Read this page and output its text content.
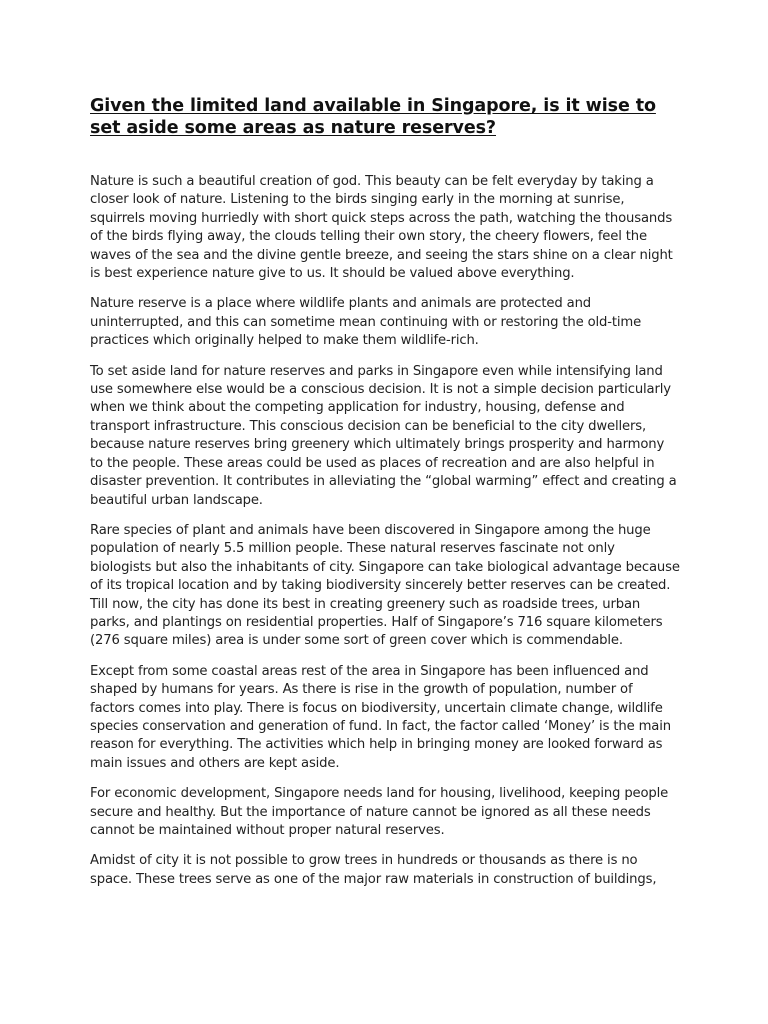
Given the limited land available in Singapore, is it wise to set aside some areas as nature reserves?

Nature is such a beautiful creation of god. This beauty can be felt everyday by taking a closer look of nature. Listening to the birds singing early in the morning at sunrise, squirrels moving hurriedly with short quick steps across the path, watching the thousands of the birds flying away, the clouds telling their own story, the cheery flowers, feel the waves of the sea and the divine gentle breeze, and seeing the stars shine on a clear night is best experience nature give to us. It should be valued above everything.

Nature reserve is a place where wildlife plants and animals are protected and uninterrupted, and this can sometime mean continuing with or restoring the old-time practices which originally helped to make them wildlife-rich.

To set aside land for nature reserves and parks in Singapore even while intensifying land use somewhere else would be a conscious decision. It is not a simple decision particularly when we think about the competing application for industry, housing, defense and transport infrastructure. This conscious decision can be beneficial to the city dwellers, because nature reserves bring greenery which ultimately brings prosperity and harmony to the people. These areas could be used as places of recreation and are also helpful in disaster prevention. It contributes in alleviating the “global warming” effect and creating a beautiful urban landscape.

Rare species of plant and animals have been discovered in Singapore among the huge population of nearly 5.5 million people. These natural reserves fascinate not only biologists but also the inhabitants of city. Singapore can take biological advantage because of its tropical location and by taking biodiversity sincerely better reserves can be created. Till now, the city has done its best in creating greenery such as roadside trees, urban parks, and plantings on residential properties. Half of Singapore’s 716 square kilometers (276 square miles) area is under some sort of green cover which is commendable.

Except from some coastal areas rest of the area in Singapore has been influenced and shaped by humans for years. As there is rise in the growth of population, number of factors comes into play. There is focus on biodiversity, uncertain climate change, wildlife species conservation and generation of fund. In fact, the factor called ‘Money’ is the main reason for everything. The activities which help in bringing money are looked forward as main issues and others are kept aside.

For economic development, Singapore needs land for housing, livelihood, keeping people secure and healthy. But the importance of nature cannot be ignored as all these needs cannot be maintained without proper natural reserves.

Amidst of city it is not possible to grow trees in hundreds or thousands as there is no space. These trees serve as one of the major raw materials in construction of buildings,
